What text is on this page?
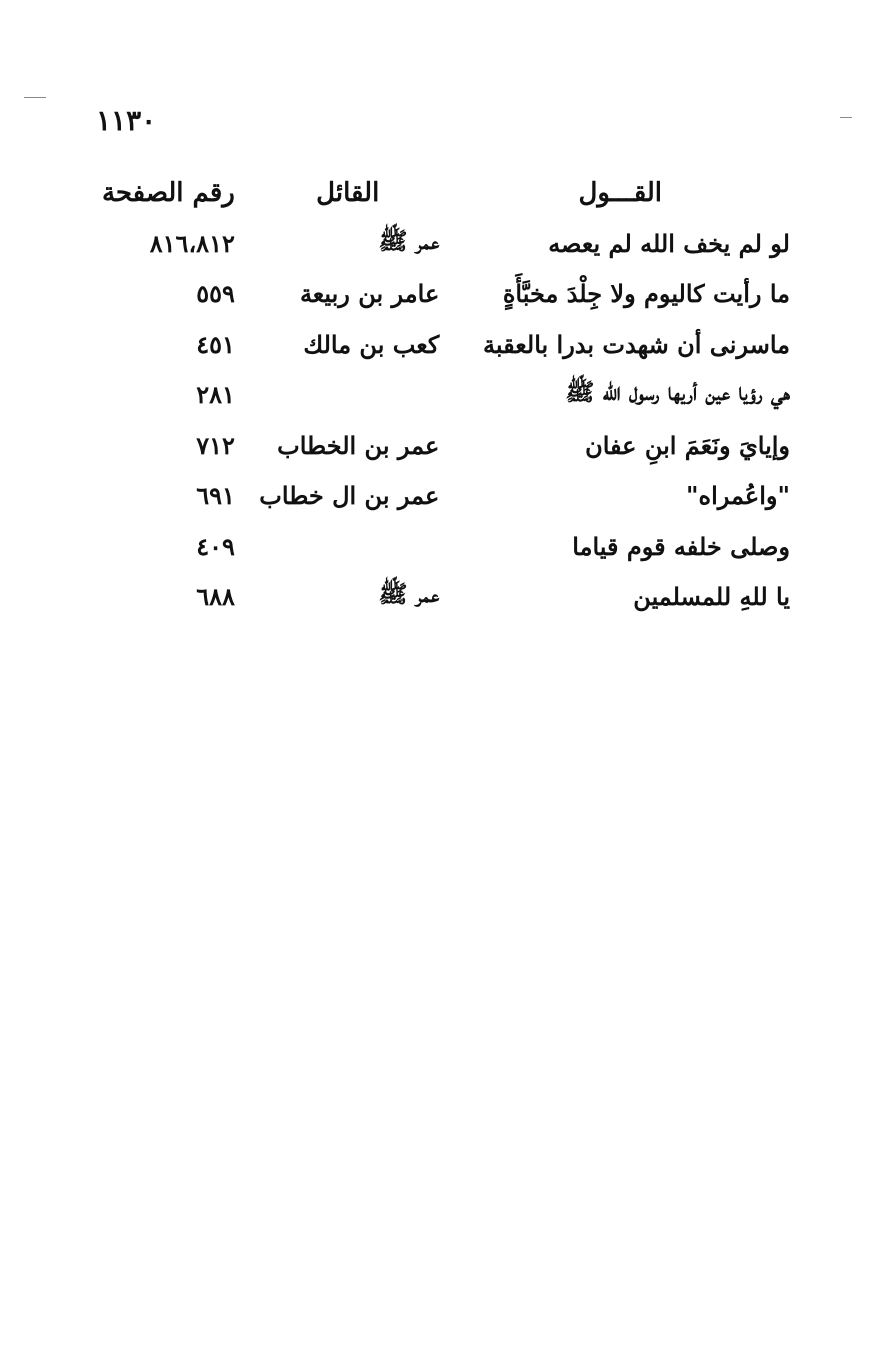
١١٣٠
القـــول	القائل	رقم الصفحة
لو لم يخف الله لم يعصه	عمر ﷺ	٨١٦،٨١٢
ما رأيت كاليوم ولا جِلْدَ مخبَّأَةٍ	عامر بن ربيعة	٥٥٩
ماسرنى أن شهدت بدرا بالعقبة	كعب بن مالك	٤٥١
هي رؤيا عين أريها رسول الله ﷺ		٢٨١
وإيايَ ونَعَمَ ابنِ عفان	عمر بن الخطاب	٧١٢
"واعُمراه"	عمر بن ال خطاب	٦٩١
وصلى خلفه قوم قياما		٤٠٩
يا للهِ للمسلمين	عمر ﷺ	٦٨٨
